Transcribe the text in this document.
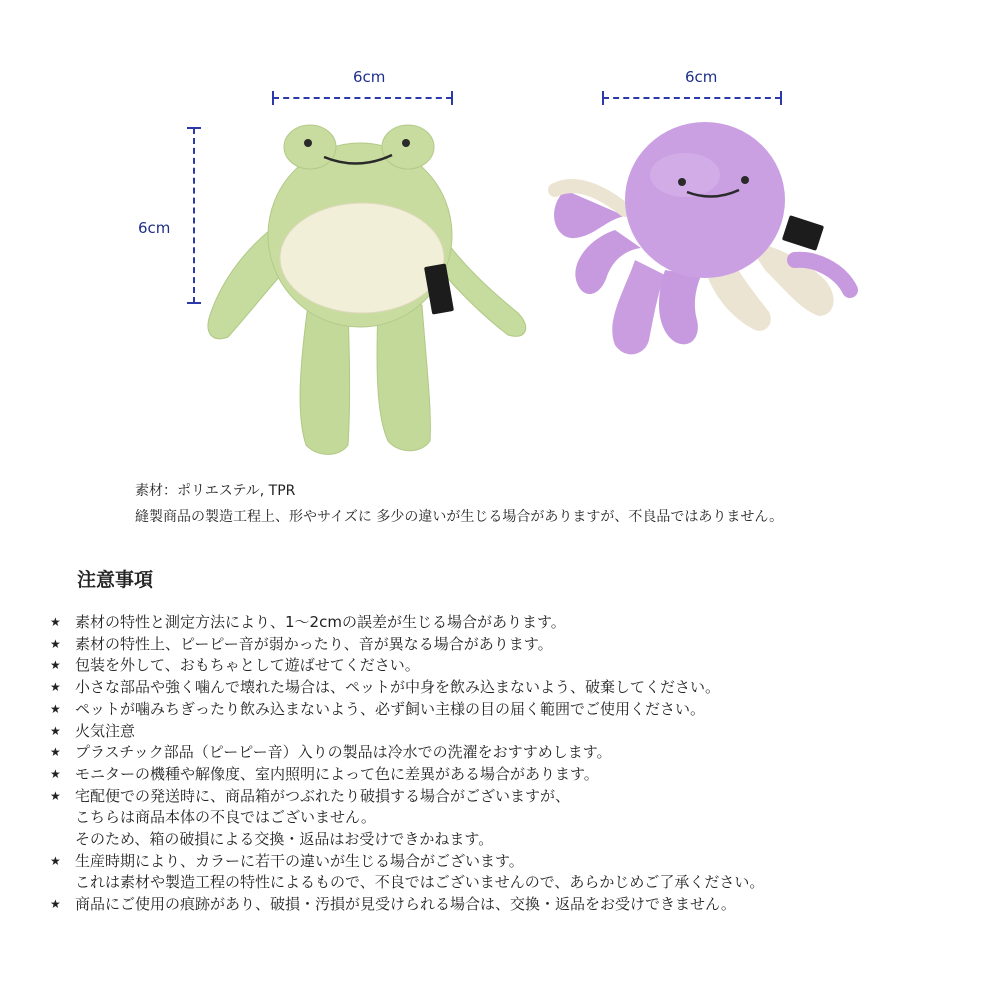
6cm	6cm
6cm
素材：ポリエステル, TPR
縫製商品の製造工程上、形やサイズに 多少の違いが生じる場合がありますが、不良品ではありません。
注意事項
★ 素材の特性と測定方法により、1～2cmの誤差が生じる場合があります。
★ 素材の特性上、ピーピー音が弱かったり、音が異なる場合があります。
★ 包装を外して、おもちゃとして遊ばせてください。
★ 小さな部品や強く噛んで壊れた場合は、ペットが中身を飲み込まないよう、破棄してください。
★ ペットが噛みちぎったり飲み込まないよう、必ず飼い主様の目の届く範囲でご使用ください。
★ 火気注意
★ プラスチック部品（ピーピー音）入りの製品は冷水での洗濯をおすすめします。
★ モニターの機種や解像度、室内照明によって色に差異がある場合があります。
★ 宅配便での発送時に、商品箱がつぶれたり破損する場合がございますが、
こちらは商品本体の不良ではございません。
そのため、箱の破損による交換・返品はお受けできかねます。
★ 生産時期により、カラーに若干の違いが生じる場合がございます。
これは素材や製造工程の特性によるもので、不良ではございませんので、あらかじめご了承ください。
★ 商品にご使用の痕跡があり、破損・汚損が見受けられる場合は、交換・返品をお受けできません。
